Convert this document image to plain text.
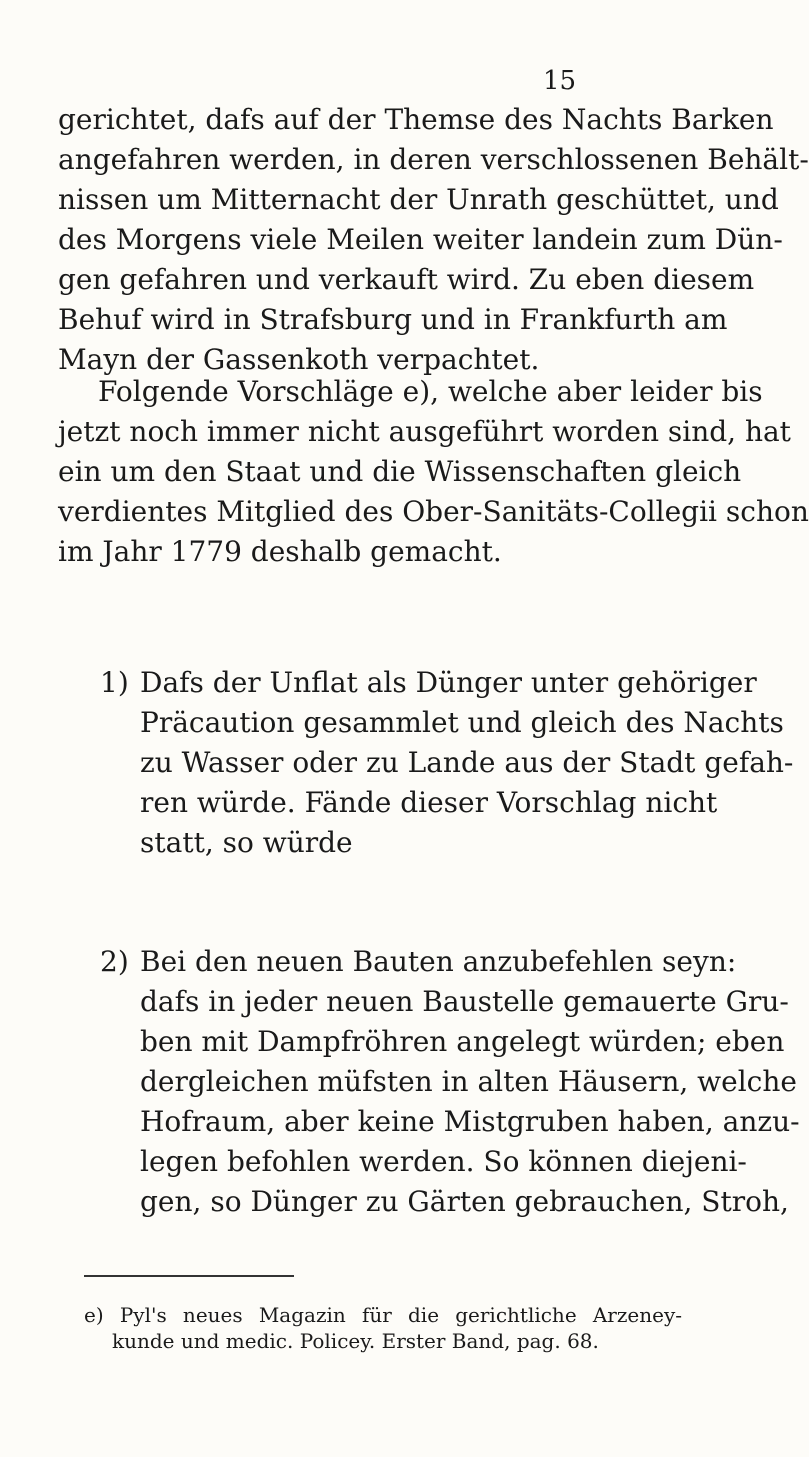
15
gerichtet, dafs auf der Themse des Nachts Barken
angefahren werden, in deren verschlossenen Behält-
nissen um Mitternacht der Unrath geschüttet, und
des Morgens viele Meilen weiter landein zum Dün-
gen gefahren und verkauft wird. Zu eben diesem
Behuf wird in Strafsburg und in Frankfurth am
Mayn der Gassenkoth verpachtet.
Folgende Vorschläge e), welche aber leider bis
jetzt noch immer nicht ausgeführt worden sind, hat
ein um den Staat und die Wissenschaften gleich
verdientes Mitglied des Ober-Sanitäts-Collegii schon
im Jahr 1779 deshalb gemacht.
1) Dafs der Unflat als Dünger unter gehöriger
Präcaution gesammlet und gleich des Nachts
zu Wasser oder zu Lande aus der Stadt gefah-
ren würde. Fände dieser Vorschlag nicht
statt, so würde
2) Bei den neuen Bauten anzubefehlen seyn:
dafs in jeder neuen Baustelle gemauerte Gru-
ben mit Dampfröhren angelegt würden; eben
dergleichen müfsten in alten Häusern, welche
Hofraum, aber keine Mistgruben haben, anzu-
legen befohlen werden. So können diejeni-
gen, so Dünger zu Gärten gebrauchen, Stroh,
e) Pyl's neues Magazin für die gerichtliche Arzeney-
kunde und medic. Policey. Erster Band, pag. 68.
